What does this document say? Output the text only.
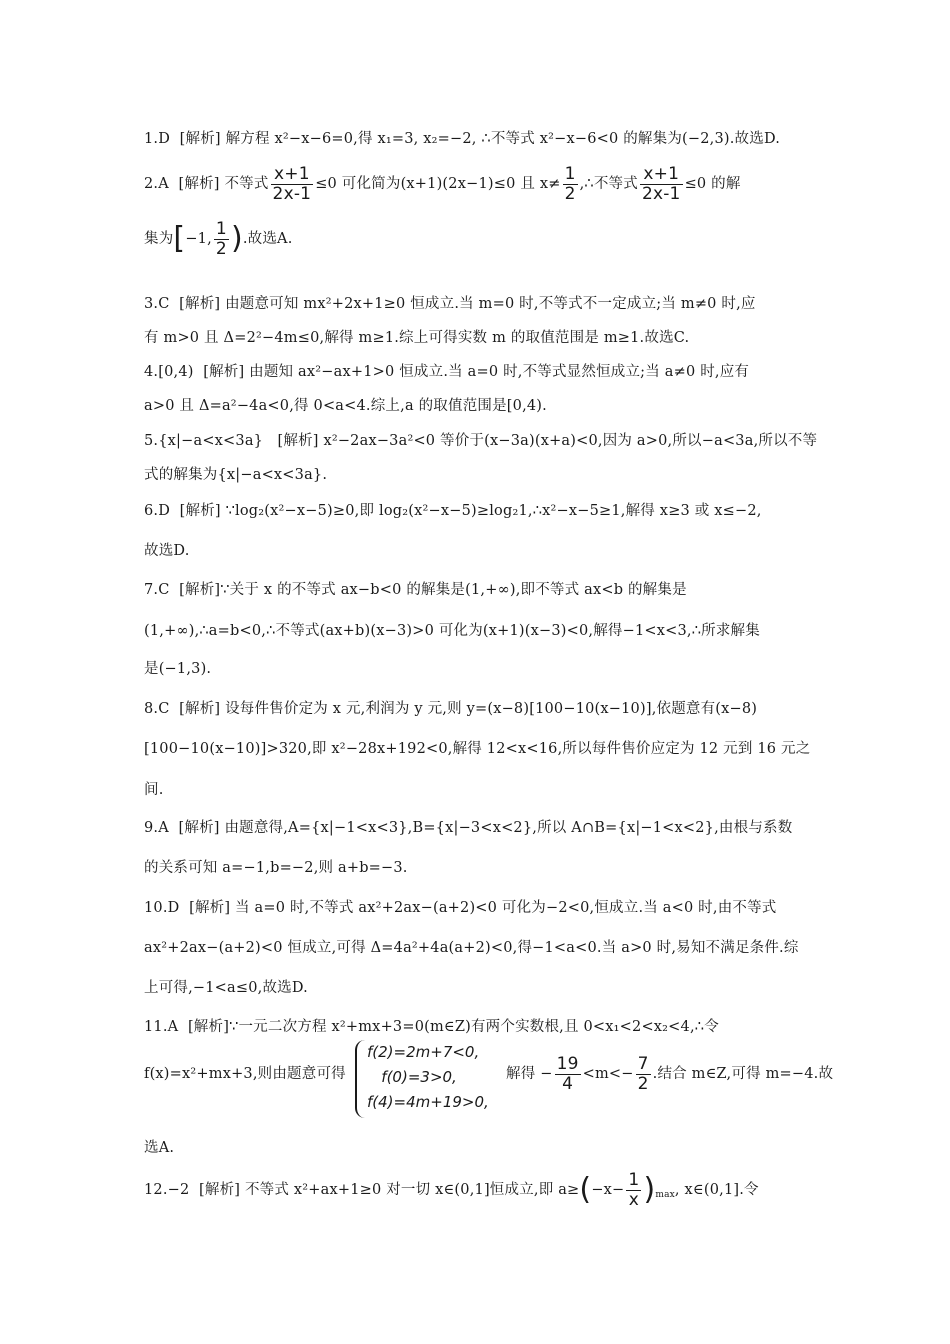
1.D  [解析] 解方程 x²−x−6=0,得 x₁=3, x₂=−2, ∴不等式 x²−x−6<0 的解集为(−2,3).故选D.
2.A  [解析] 不等式 $\frac{x+1}{2x-1} \le 0$ 可化简为(x+1)(2x−1)≤0 且 $x\ne \frac{1}{2}$ ,∴不等式 $\frac{x+1}{2x-1} \le 0$ 的解
集为[−1, $\frac{1}{2}$ ).故选A.
3.C  [解析] 由题意可知 mx²+2x+1≥0 恒成立.当 m=0 时,不等式不一定成立;当 m≠0 时,应
有 m>0 且 Δ=2²−4m≤0,解得 m≥1.综上可得实数 m 的取值范围是 m≥1.故选C.
4.[0,4)  [解析] 由题知 ax²−ax+1>0 恒成立.当 a=0 时,不等式显然恒成立;当 a≠0 时,应有
a>0 且 Δ=a²−4a<0,得 0<a<4.综上,a 的取值范围是[0,4).
5.{x|−a<x<3a}   [解析] x²−2ax−3a²<0 等价于(x−3a)(x+a)<0,因为 a>0,所以−a<3a,所以不等
式的解集为{x|−a<x<3a}.
6.D  [解析] ∵log₂(x²−x−5)≥0,即 log₂(x²−x−5)≥log₂1,∴x²−x−5≥1,解得 x≥3 或 x≤−2,
故选D.
7.C  [解析]∵关于 x 的不等式 ax−b<0 的解集是(1,+∞),即不等式 ax<b 的解集是
(1,+∞),∴a=b<0,∴不等式(ax+b)(x−3)>0 可化为(x+1)(x−3)<0,解得−1<x<3,∴所求解集
是(−1,3).
8.C  [解析] 设每件售价定为 x 元,利润为 y 元,则 y=(x−8)[100−10(x−10)],依题意有(x−8)
[100−10(x−10)]>320,即 x²−28x+192<0,解得 12<x<16,所以每件售价应定为 12 元到 16 元之
间.
9.A  [解析] 由题意得,A={x|−1<x<3},B={x|−3<x<2},所以 A∩B={x|−1<x<2},由根与系数
的关系可知 a=−1,b=−2,则 a+b=−3.
10.D  [解析] 当 a=0 时,不等式 ax²+2ax−(a+2)<0 可化为−2<0,恒成立.当 a<0 时,由不等式
ax²+2ax−(a+2)<0 恒成立,可得 Δ=4a²+4a(a+2)<0,得−1<a<0.当 a>0 时,易知不满足条件.综
上可得,−1<a≤0,故选D.
11.A  [解析]∵一元二次方程 x²+mx+3=0(m∈Z)有两个实数根,且 0<x₁<2<x₂<4,∴令
f(x)=x²+mx+3,则由题意可得	解得 − $\frac{19}{4} <m<- \frac{7}{2}$ .结合 m∈Z,可得 m=−4.故
选A.
12.−2  [解析] 不等式 x²+ax+1≥0 对一切 x∈(0,1]恒成立,即 $a\ge(-x- \frac{1}{x} )_{max}$, x∈(0,1].令
f(2)=2m+7<0,
f(0)=3>0,
f(4)=4m+19>0,
